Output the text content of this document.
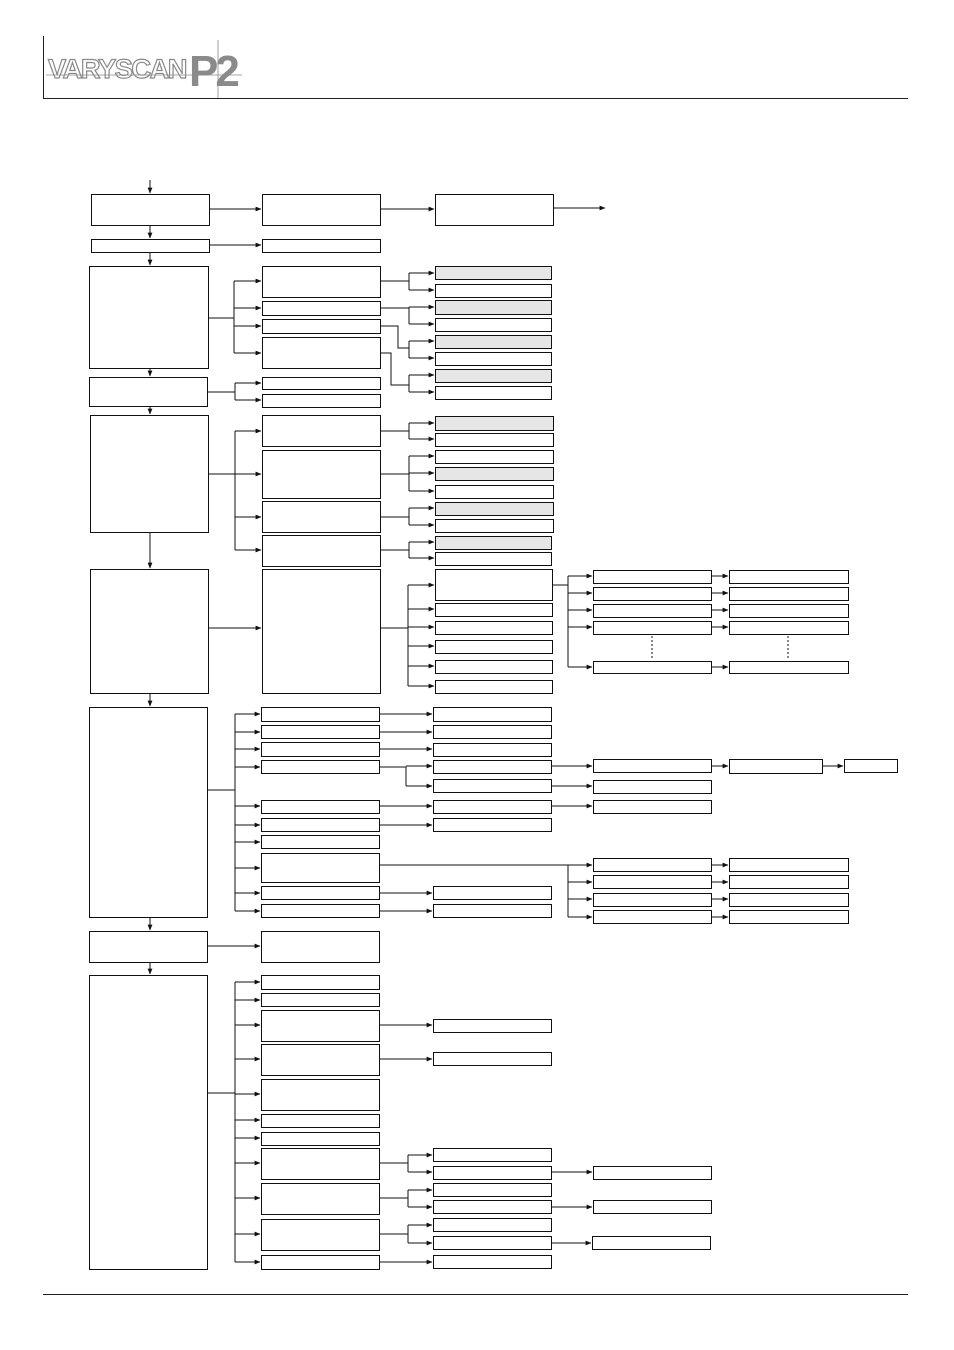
VARYSCAN P2
